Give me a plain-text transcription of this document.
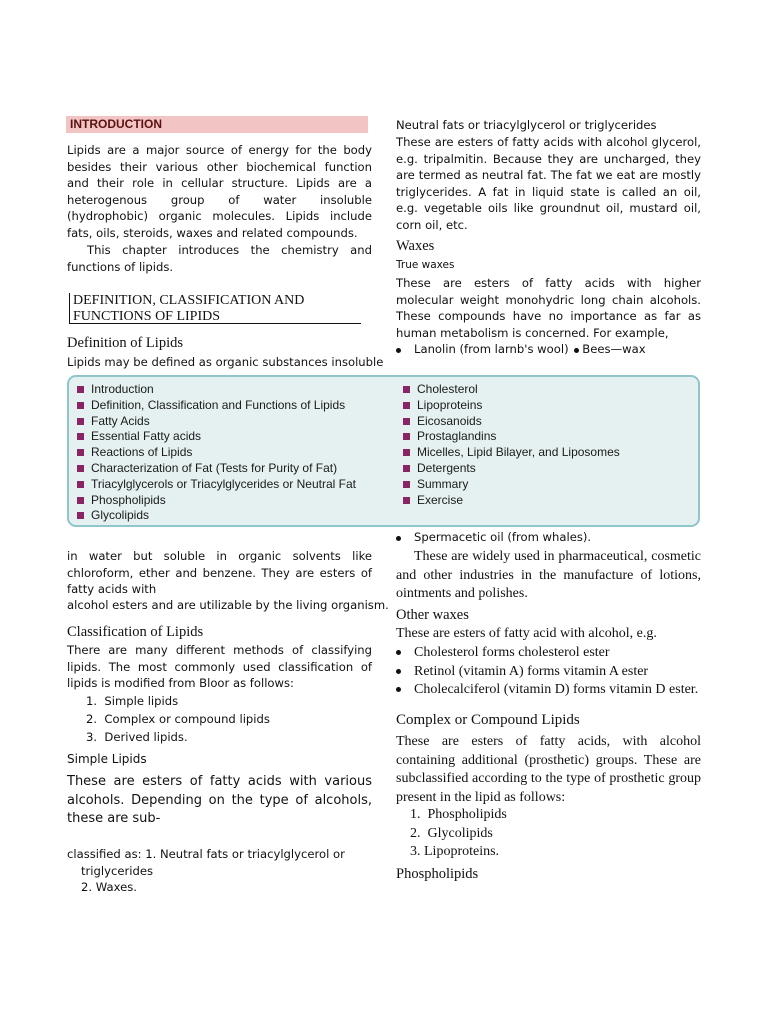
INTRODUCTION
Lipids are a major source of energy for the body besides their various other biochemical function and their role in cellular structure. Lipids are a heterogenous group of water insoluble (hydrophobic) organic molecules. Lipids include fats, oils, steroids, waxes and related compounds.
This chapter introduces the chemistry and functions of lipids.
DEFINITION, CLASSIFICATION AND
FUNCTIONS OF LIPIDS
Definition of Lipids
Lipids may be defined as organic substances insoluble
Neutral fats or triacylglycerol or triglycerides
These are esters of fatty acids with alcohol glycerol, e.g. tripalmitin. Because they are uncharged, they are termed as neutral fat. The fat we eat are mostly triglycerides. A fat in liquid state is called an oil, e.g. vegetable oils like groundnut oil, mustard oil, corn oil, etc.
Waxes
True waxes
These are esters of fatty acids with higher molecular weight monohydric long chain alcohols. These compounds have no importance as far as human metabolism is concerned. For example,
Lanolin (from larnb's wool) Bees—wax
Introduction
Definition, Classification and Functions of Lipids
Fatty Acids
Essential Fatty acids
Reactions of Lipids
Characterization of Fat (Tests for Purity of Fat)
Triacylglycerols or Triacylglycerides or Neutral Fat
Phospholipids
Glycolipids
Cholesterol
Lipoproteins
Eicosanoids
Prostaglandins
Micelles, Lipid Bilayer, and Liposomes
Detergents
Summary
Exercise
in water but soluble in organic solvents like chloroform, ether and benzene. They are esters of fatty acids with
alcohol esters and are utilizable by the living organism.
Classification of Lipids
There are many different methods of classifying lipids. The most commonly used classification of lipids is modified from Bloor as follows:
1.  Simple lipids
2.  Complex or compound lipids
3.  Derived lipids.
Simple Lipids
These are esters of fatty acids with various alcohols. Depending on the type of alcohols, these are sub-
classified as: 1. Neutral fats or triacylglycerol or
triglycerides
2. Waxes.
Spermacetic oil (from whales).
These are widely used in pharmaceutical, cosmetic and other industries in the manufacture of lotions, ointments and polishes.
Other waxes
These are esters of fatty acid with alcohol, e.g.
Cholesterol forms cholesterol ester
Retinol (vitamin A) forms vitamin A ester
Cholecalciferol (vitamin D) forms vitamin D ester.
Complex or Compound Lipids
These are esters of fatty acids, with alcohol containing additional (prosthetic) groups. These are subclassified according to the type of prosthetic group present in the lipid as follows:
1.  Phospholipids
2.  Glycolipids
3. Lipoproteins.
Phospholipids
